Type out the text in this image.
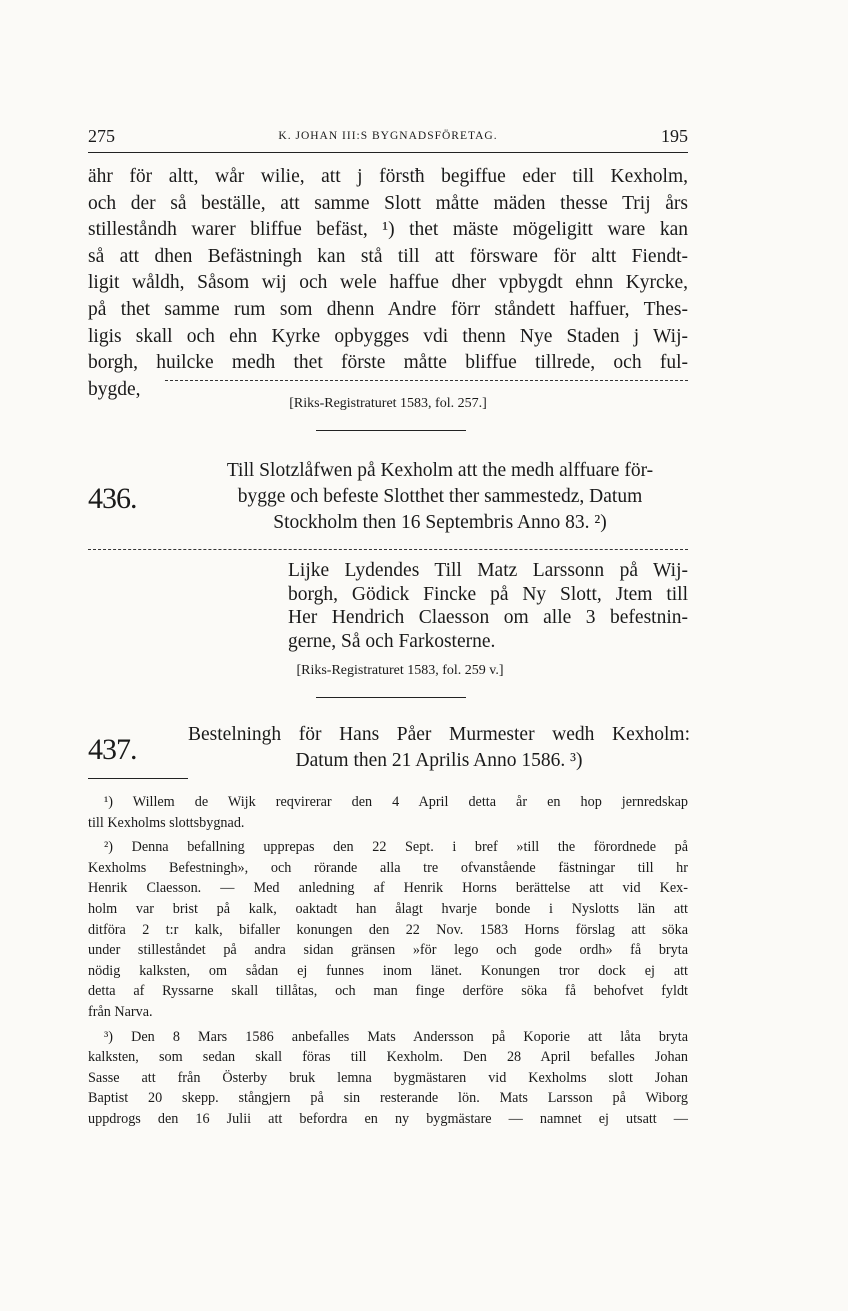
275	K. JOHAN III:S BYGNADSFÖRETAG.	195
ähr för altt, wår wilie, att j förstħ begiffue eder till Kexholm,
och der så beställe, att samme Slott måtte mäden thesse Trij års
stilleståndh warer bliffue befäst, ¹) thet mäste mögeligitt ware kan
så att dhen Befästningh kan stå till att försware för altt Fiendt-
ligit wåldh, Såsom wij och wele haffue dher vpbygdt ehnn Kyrcke,
på thet samme rum som dhenn Andre förr ståndett haffuer, Thes-
ligis skall och ehn Kyrke opbygges vdi thenn Nye Staden j Wij-
borgh, huilcke medh thet förste måtte bliffue tillrede, och ful-
bygde,
[Riks-Registraturet 1583, fol. 257.]
436.
Till Slotzlåfwen på Kexholm att the medh alffuare för-
bygge och befeste Slotthet ther sammestedz, Datum
Stockholm then 16 Septembris Anno 83. ²)
Lijke Lydendes Till Matz Larssonn på Wij-
borgh, Gödick Fincke på Ny Slott, Jtem till
Her Hendrich Claesson om alle 3 befestnin-
gerne, Så och Farkosterne.
[Riks-Registraturet 1583, fol. 259 v.]
437.	Bestelningh för Hans Påer Murmester wedh Kexholm:
Datum then 21 Aprilis Anno 1586. ³)
¹) Willem de Wijk reqvirerar den 4 April detta år en hop jernredskap
till Kexholms slottsbygnad.
²) Denna befallning upprepas den 22 Sept. i bref »till the förordnede på
Kexholms Befestningh», och rörande alla tre ofvanstående fästningar till hr
Henrik Claesson. — Med anledning af Henrik Horns berättelse att vid Kex-
holm var brist på kalk, oaktadt han ålagt hvarje bonde i Nyslotts län att
ditföra 2 t:r kalk, bifaller konungen den 22 Nov. 1583 Horns förslag att söka
under stilleståndet på andra sidan gränsen »för lego och gode ordh» få bryta
nödig kalksten, om sådan ej funnes inom länet. Konungen tror dock ej att
detta af Ryssarne skall tillåtas, och man finge derföre söka få behofvet fyldt
från Narva.
³) Den 8 Mars 1586 anbefalles Mats Andersson på Koporie att låta bryta
kalksten, som sedan skall föras till Kexholm. Den 28 April befalles Johan
Sasse att från Österby bruk lemna bygmästaren vid Kexholms slott Johan
Baptist 20 skepp. stångjern på sin resterande lön. Mats Larsson på Wiborg
uppdrogs den 16 Julii att befordra en ny bygmästare — namnet ej utsatt —
